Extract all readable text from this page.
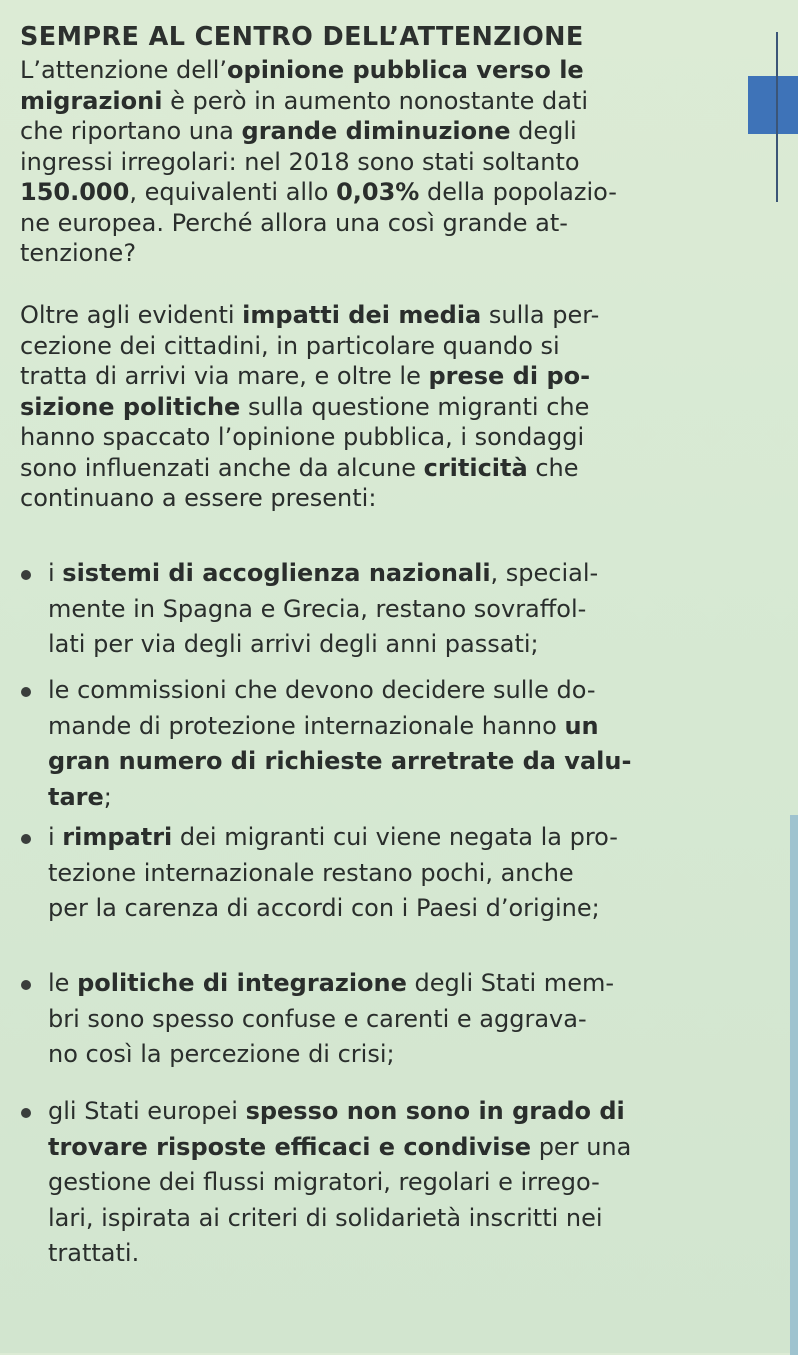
SEMPRE AL CENTRO DELL’ATTENZIONE
L’attenzione dell’opinione pubblica verso le
migrazioni è però in aumento nonostante dati
che riportano una grande diminuzione degli
ingressi irregolari: nel 2018 sono stati soltanto
150.000, equivalenti allo 0,03% della popolazio-
ne europea. Perché allora una così grande at-
tenzione?
Oltre agli evidenti impatti dei media sulla per-
cezione dei cittadini, in particolare quando si
tratta di arrivi via mare, e oltre le prese di po-
sizione politiche sulla questione migranti che
hanno spaccato l’opinione pubblica, i sondaggi
sono influenzati anche da alcune criticità che
continuano a essere presenti:
i sistemi di accoglienza nazionali, special-
mente in Spagna e Grecia, restano sovraffol-
lati per via degli arrivi degli anni passati;
le commissioni che devono decidere sulle do-
mande di protezione internazionale hanno un
gran numero di richieste arretrate da valu-
tare;
i rimpatri dei migranti cui viene negata la pro-
tezione internazionale restano pochi, anche
per la carenza di accordi con i Paesi d’origine;
le politiche di integrazione degli Stati mem-
bri sono spesso confuse e carenti e aggrava-
no così la percezione di crisi;
gli Stati europei spesso non sono in grado di
trovare risposte efficaci e condivise per una
gestione dei flussi migratori, regolari e irrego-
lari, ispirata ai criteri di solidarietà inscritti nei
trattati.
